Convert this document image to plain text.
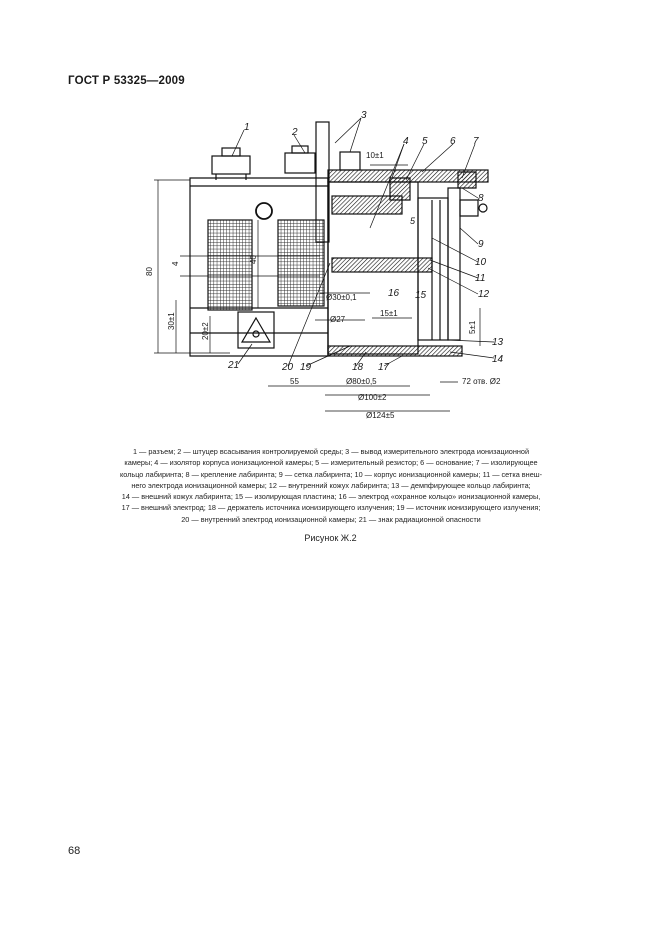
ГОСТ Р 53325—2009
1	2
3
4 5 6 7
8
9
10
11
12
13
14
15
16
17
18
19
20
21
5
10±1
80
40
4
30±1
20±2
Ø30±0,1
Ø27
15±1
5±1
55	Ø80±0,5
Ø100±2
Ø124±5
72 отв. Ø2
1 — разъем; 2 — штуцер всасывания контролируемой среды; 3 — вывод измерительного электрода ионизационной
камеры; 4 — изолятор корпуса ионизационной камеры; 5 — измерительный резистор; 6 — основание; 7 — изолирующее
кольцо лабиринта; 8 — крепление лабиринта; 9 — сетка лабиринта; 10 — корпус ионизационной камеры; 11 — сетка внеш-
него электрода ионизационной камеры; 12 — внутренний кожух лабиринта; 13 — демпфирующее кольцо лабиринта;
14 — внешний кожух лабиринта; 15 — изолирующая пластина; 16 — электрод «охранное кольцо» ионизационной камеры,
17 — внешний электрод; 18 — держатель источника ионизирующего излучения; 19 — источник ионизирующего излучения;
20 — внутренний электрод ионизационной камеры; 21 — знак радиационной опасности
Рисунок Ж.2
68
